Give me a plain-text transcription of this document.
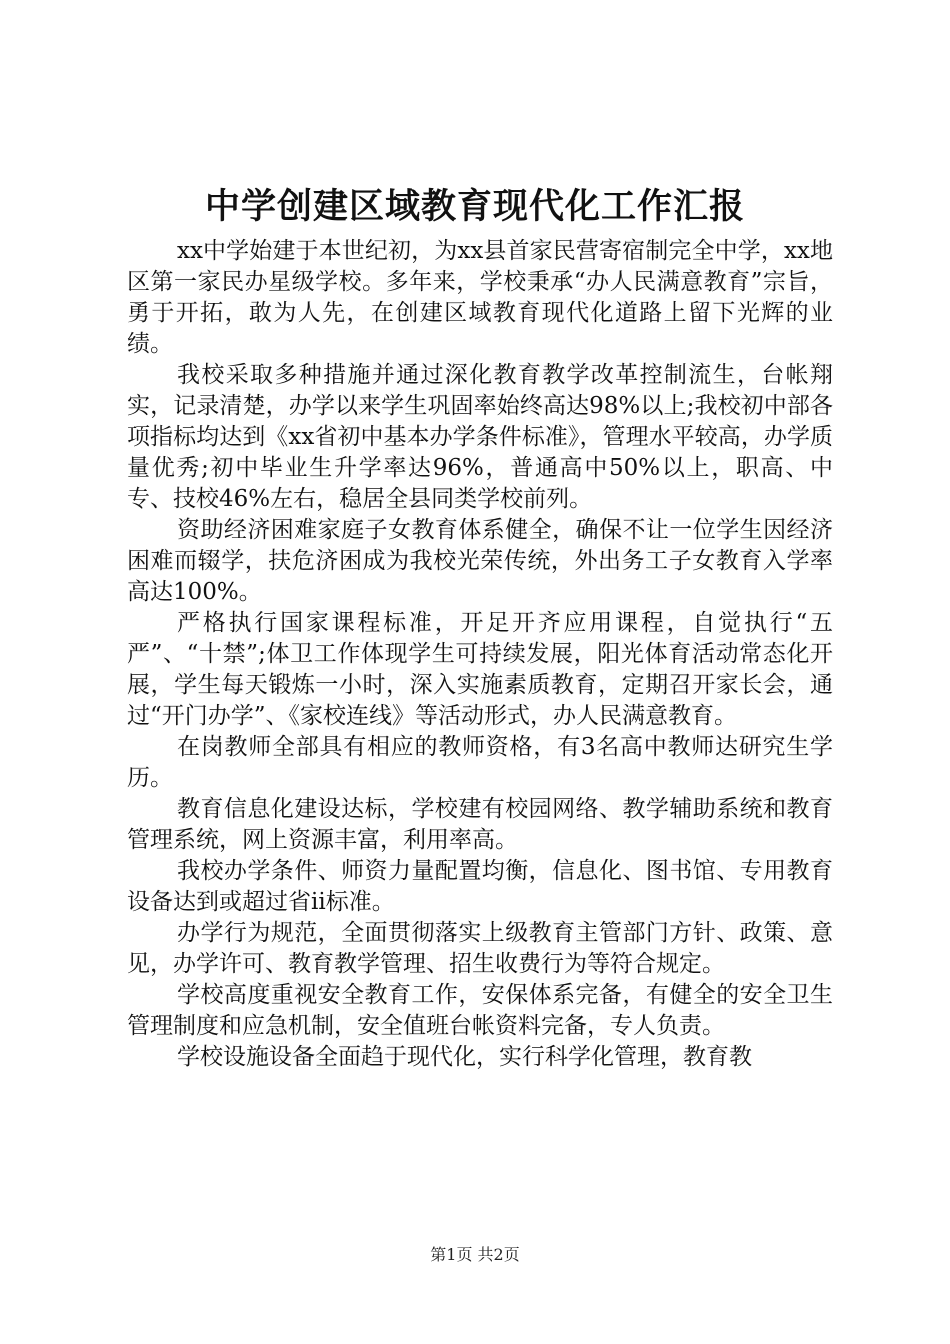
中学创建区域教育现代化工作汇报

xx中学始建于本世纪初，为xx县首家民营寄宿制完全中学，xx地区第一家民办星级学校。多年来，学校秉承“办人民满意教育”宗旨，勇于开拓，敢为人先，在创建区域教育现代化道路上留下光辉的业绩。

我校采取多种措施并通过深化教育教学改革控制流生，台帐翔实，记录清楚，办学以来学生巩固率始终高达98%以上;我校初中部各项指标均达到《xx省初中基本办学条件标准》，管理水平较高，办学质量优秀;初中毕业生升学率达96%，普通高中50%以上，职高、中专、技校46%左右，稳居全县同类学校前列。

资助经济困难家庭子女教育体系健全，确保不让一位学生因经济困难而辍学，扶危济困成为我校光荣传统，外出务工子女教育入学率高达100%。

严格执行国家课程标准，开足开齐应用课程，自觉执行“五严”、“十禁”;体卫工作体现学生可持续发展，阳光体育活动常态化开展，学生每天锻炼一小时，深入实施素质教育，定期召开家长会，通过“开门办学”、《家校连线》等活动形式，办人民满意教育。

在岗教师全部具有相应的教师资格，有3名高中教师达研究生学历。

教育信息化建设达标，学校建有校园网络、教学辅助系统和教育管理系统，网上资源丰富，利用率高。

我校办学条件、师资力量配置均衡，信息化、图书馆、专用教育设备达到或超过省ii标准。

办学行为规范，全面贯彻落实上级教育主管部门方针、政策、意见，办学许可、教育教学管理、招生收费行为等符合规定。

学校高度重视安全教育工作，安保体系完备，有健全的安全卫生管理制度和应急机制，安全值班台帐资料完备，专人负责。

学校设施设备全面趋于现代化，实行科学化管理，教育教

第1页 共2页
